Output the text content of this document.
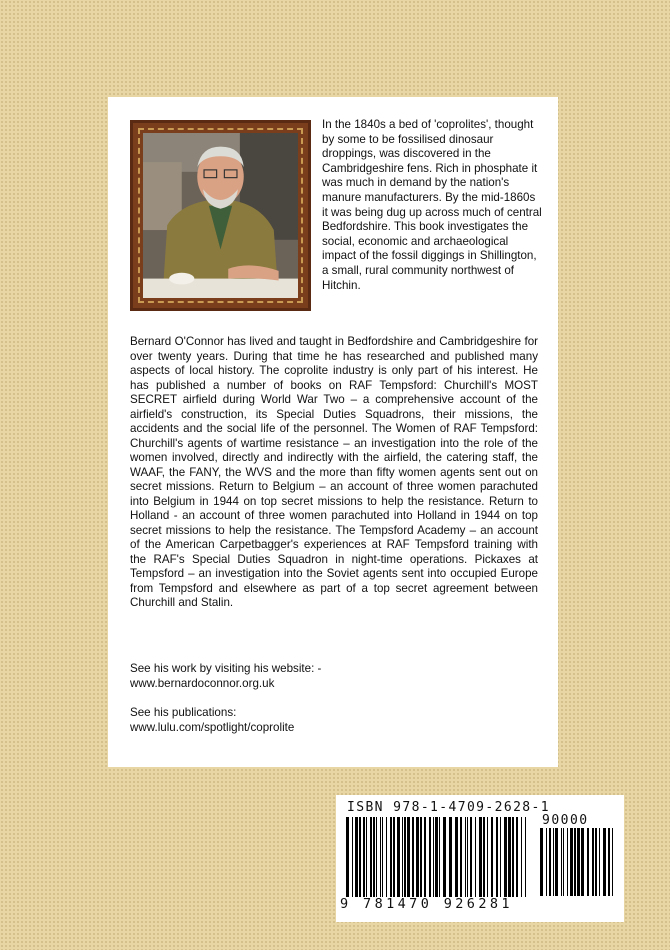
In the 1840s a bed of 'coprolites', thought by some to be fossilised dinosaur droppings, was discovered in the Cambridgeshire fens. Rich in phosphate it was much in demand by the nation's manure manufacturers. By the mid-1860s it was being dug up across much of central Bedfordshire. This book investigates the social, economic and archaeological impact of the fossil diggings in Shillington, a small, rural community northwest of Hitchin.
Bernard O'Connor has lived and taught in Bedfordshire and Cambridgeshire for over twenty years. During that time he has researched and published many aspects of local history. The coprolite industry is only part of his interest. He has published a number of books on RAF Tempsford: Churchill's MOST SECRET airfield during World War Two – a comprehensive account of the airfield's construction, its Special Duties Squadrons, their missions, the accidents and the social life of the personnel. The Women of RAF Tempsford: Churchill's agents of wartime resistance – an investigation into the role of the women involved, directly and indirectly with the airfield, the catering staff, the WAAF, the FANY, the WVS and the more than fifty women agents sent out on secret missions. Return to Belgium – an account of three women parachuted into Belgium in 1944 on top secret missions to help the resistance. Return to Holland - an account of three women parachuted into Holland in 1944 on top secret missions to help the resistance. The Tempsford Academy – an account of the American Carpetbagger's experiences at RAF Tempsford training with the RAF's Special Duties Squadron in night-time operations. Pickaxes at Tempsford – an investigation into the Soviet agents sent into occupied Europe from Tempsford and elsewhere as part of a top secret agreement between Churchill and Stalin.
See his work by visiting his website: -
www.bernardoconnor.org.uk
See his publications:
www.lulu.com/spotlight/coprolite
ISBN 978-1-4709-2628-1
90000
9 781470 926281
